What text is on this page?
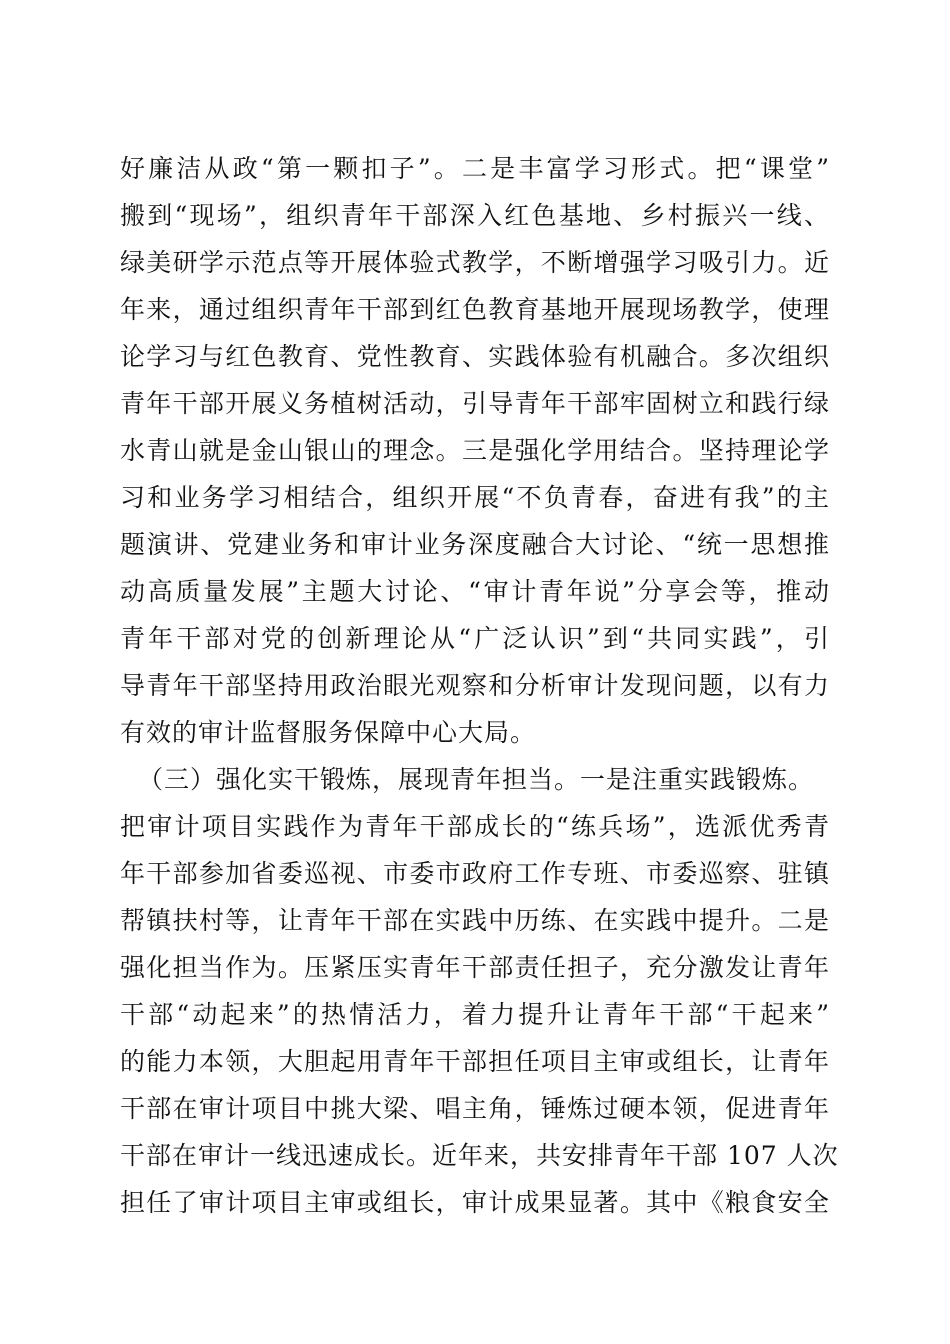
好廉洁从政“第一颗扣子”。二是丰富学习形式。把“课堂”
搬到“现场”，组织青年干部深入红色基地、乡村振兴一线、
绿美研学示范点等开展体验式教学，不断增强学习吸引力。近
年来，通过组织青年干部到红色教育基地开展现场教学，使理
论学习与红色教育、党性教育、实践体验有机融合。多次组织
青年干部开展义务植树活动，引导青年干部牢固树立和践行绿
水青山就是金山银山的理念。三是强化学用结合。坚持理论学
习和业务学习相结合，组织开展“不负青春，奋进有我”的主
题演讲、党建业务和审计业务深度融合大讨论、“统一思想推
动高质量发展”主题大讨论、“审计青年说”分享会等，推动
青年干部对党的创新理论从“广泛认识”到“共同实践”，引
导青年干部坚持用政治眼光观察和分析审计发现问题，以有力
有效的审计监督服务保障中心大局。
（三）强化实干锻炼，展现青年担当。一是注重实践锻炼。
把审计项目实践作为青年干部成长的“练兵场”，选派优秀青
年干部参加省委巡视、市委市政府工作专班、市委巡察、驻镇
帮镇扶村等，让青年干部在实践中历练、在实践中提升。二是
强化担当作为。压紧压实青年干部责任担子，充分激发让青年
干部“动起来”的热情活力，着力提升让青年干部“干起来”
的能力本领，大胆起用青年干部担任项目主审或组长，让青年
干部在审计项目中挑大梁、唱主角，锤炼过硬本领，促进青年
干部在审计一线迅速成长。近年来，共安排青年干部 107 人次
担任了审计项目主审或组长，审计成果显著。其中《粮食安全
